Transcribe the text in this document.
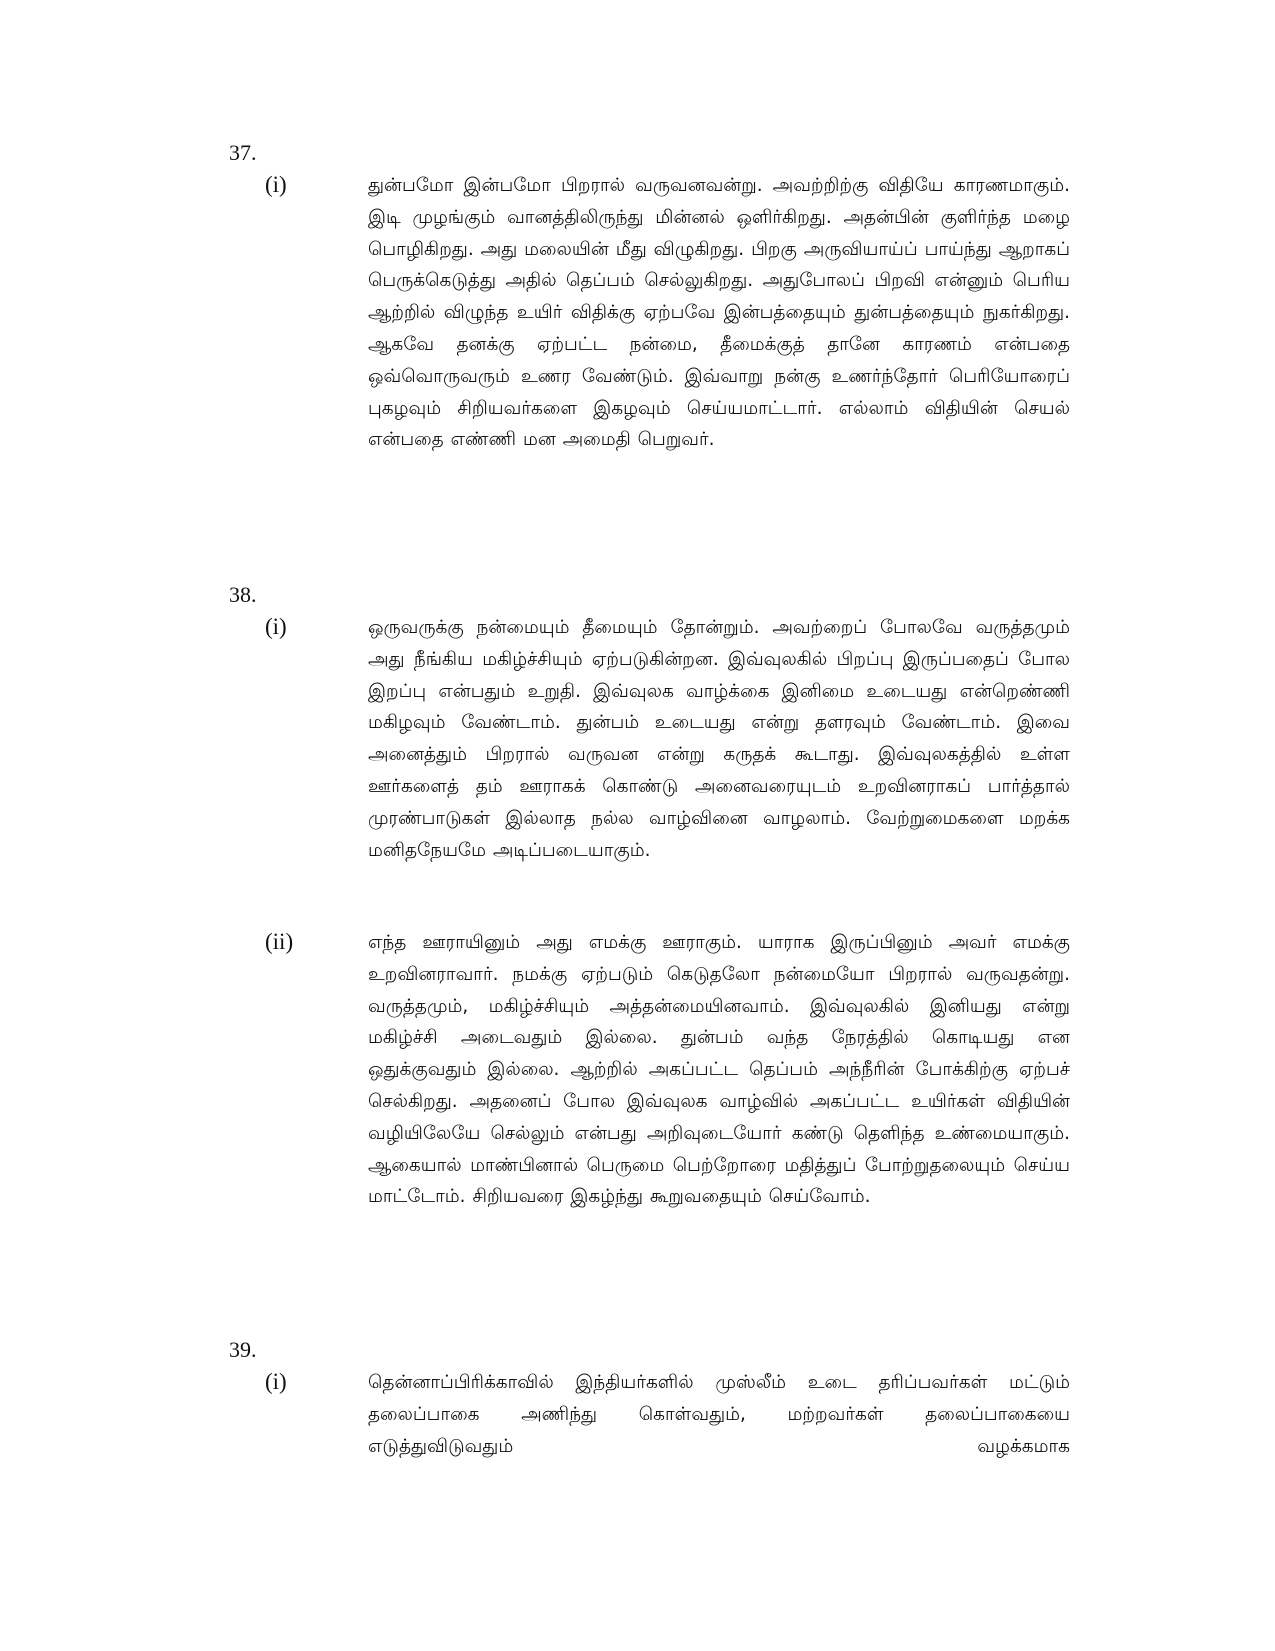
37.
(i)	துன்பமோ இன்பமோ பிறரால் வருவனவன்று. அவற்றிற்கு விதியே காரணமாகும். இடி முழங்கும் வானத்திலிருந்து மின்னல் ஒளிர்கிறது. அதன்பின் குளிர்ந்த மழை பொழிகிறது. அது மலையின் மீது விழுகிறது. பிறகு அருவியாய்ப் பாய்ந்து ஆறாகப் பெருக்கெடுத்து அதில் தெப்பம் செல்லுகிறது. அதுபோலப் பிறவி என்னும் பெரிய ஆற்றில் விழுந்த உயிர் விதிக்கு ஏற்பவே இன்பத்தையும் துன்பத்தையும் நுகர்கிறது. ஆகவே தனக்கு ஏற்பட்ட நன்மை, தீமைக்குத் தானே காரணம் என்பதை ஒவ்வொருவரும் உணர வேண்டும். இவ்வாறு நன்கு உணர்ந்தோர் பெரியோரைப் புகழவும் சிறியவர்களை இகழவும் செய்யமாட்டார். எல்லாம் விதியின் செயல் என்பதை எண்ணி மன அமைதி பெறுவர்.
38.
(i)	ஒருவருக்கு நன்மையும் தீமையும் தோன்றும். அவற்றைப் போலவே வருத்தமும் அது நீங்கிய மகிழ்ச்சியும் ஏற்படுகின்றன. இவ்வுலகில் பிறப்பு இருப்பதைப் போல இறப்பு என்பதும் உறுதி. இவ்வுலக வாழ்க்கை இனிமை உடையது என்றெண்ணி மகிழவும் வேண்டாம். துன்பம் உடையது என்று தளரவும் வேண்டாம். இவை அனைத்தும் பிறரால் வருவன என்று கருதக் கூடாது. இவ்வுலகத்தில் உள்ள ஊர்களைத் தம் ஊராகக் கொண்டு அனைவரையுடம் உறவினராகப் பார்த்தால் முரண்பாடுகள் இல்லாத நல்ல வாழ்வினை வாழலாம். வேற்றுமைகளை மறக்க மனிதநேயமே அடிப்படையாகும்.
(ii)	எந்த ஊராயினும் அது எமக்கு ஊராகும். யாராக இருப்பினும் அவர் எமக்கு உறவினராவார். நமக்கு ஏற்படும் கெடுதலோ நன்மையோ பிறரால் வருவதன்று. வருத்தமும், மகிழ்ச்சியும் அத்தன்மையினவாம். இவ்வுலகில் இனியது என்று மகிழ்ச்சி அடைவதும் இல்லை. துன்பம் வந்த நேரத்தில் கொடியது என ஒதுக்குவதும் இல்லை. ஆற்றில் அகப்பட்ட தெப்பம் அந்நீரின் போக்கிற்கு ஏற்பச் செல்கிறது. அதனைப் போல இவ்வுலக வாழ்வில் அகப்பட்ட உயிர்கள் விதியின் வழியிலேயே செல்லும் என்பது அறிவுடையோர் கண்டு தெளிந்த உண்மையாகும். ஆகையால் மாண்பினால் பெருமை பெற்றோரை மதித்துப் போற்றுதலையும் செய்ய மாட்டோம். சிறியவரை இகழ்ந்து கூறுவதையும் செய்வோம்.
39.
(i)	தென்னாப்பிரிக்காவில் இந்தியர்களில் முஸ்லீம் உடை தரிப்பவர்கள் மட்டும் தலைப்பாகை அணிந்து கொள்வதும், மற்றவர்கள் தலைப்பாகையை எடுத்துவிடுவதும் வழக்கமாக
